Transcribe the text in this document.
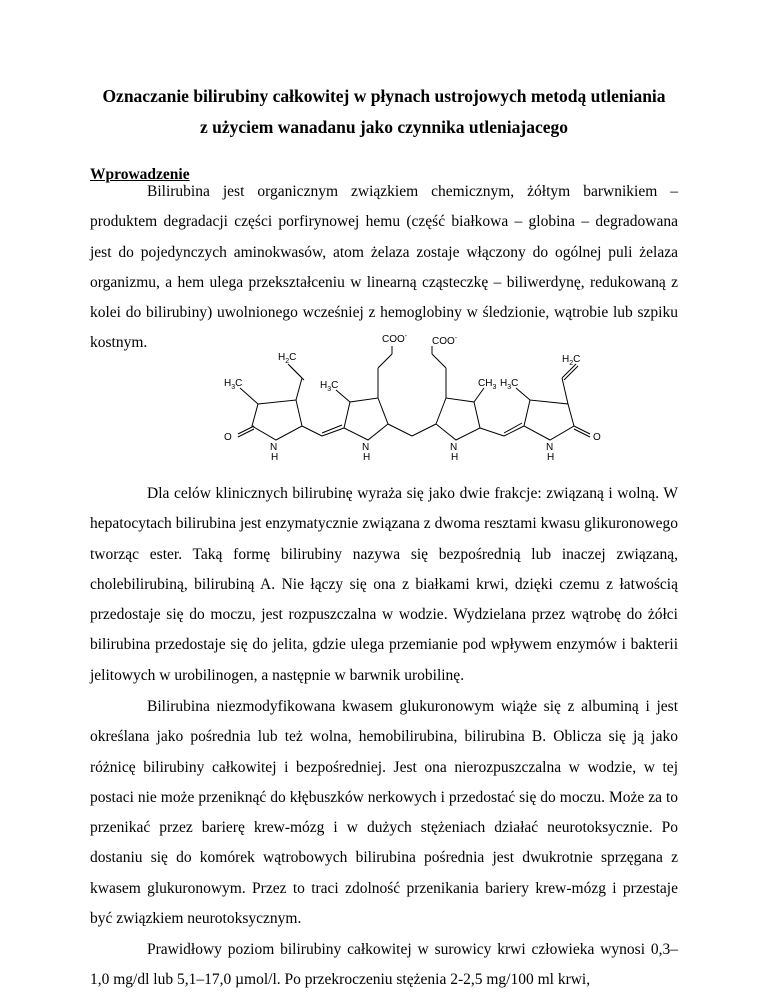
Oznaczanie bilirubiny całkowitej w płynach ustrojowych metodą utleniania
z użyciem wanadanu jako czynnika utleniajacego
Wprowadzenie

Bilirubina jest organicznym związkiem chemicznym, żółtym barwnikiem – produktem degradacji części porfirynowej hemu (część białkowa – globina – degradowana jest do pojedynczych aminokwasów, atom żelaza zostaje włączony do ogólnej puli żelaza organizmu, a hem ulega przekształceniu w linearną cząsteczkę – biliwerdynę, redukowaną z kolei do bilirubiny) uwolnionego wcześniej z hemoglobiny w śledzionie, wątrobie lub szpiku kostnym.

O
N
H
$H_3C$
$H_2C$
N
H
$H_3C$
COO-
N
H
COO-
$CH_3$
O
N
H
$H_3C$
$H_2C$

Dla celów klinicznych bilirubinę wyraża się jako dwie frakcje: związaną i wolną. W hepatocytach bilirubina jest enzymatycznie związana z dwoma resztami kwasu glikuronowego tworząc ester. Taką formę bilirubiny nazywa się bezpośrednią lub inaczej związaną, cholebilirubiną, bilirubiną A. Nie łączy się ona z białkami krwi, dzięki czemu z łatwością przedostaje się do moczu, jest rozpuszczalna w wodzie. Wydzielana przez wątrobę do żółci bilirubina przedostaje się do jelita, gdzie ulega przemianie pod wpływem enzymów i bakterii jelitowych w urobilinogen, a następnie w barwnik urobilinę.

Bilirubina niezmodyfikowana kwasem glukuronowym wiąże się z albuminą i jest określana jako pośrednia lub też wolna, hemobilirubina, bilirubina B. Oblicza się ją jako różnicę bilirubiny całkowitej i bezpośredniej. Jest ona nierozpuszczalna w wodzie, w tej postaci nie może przeniknąć do kłębuszków nerkowych i przedostać się do moczu. Może za to przenikać przez barierę krew-mózg i w dużych stężeniach działać neurotoksycznie. Po dostaniu się do komórek wątrobowych bilirubina pośrednia jest dwukrotnie sprzęgana z kwasem glukuronowym. Przez to traci zdolność przenikania bariery krew-mózg i przestaje być związkiem neurotoksycznym.

Prawidłowy poziom bilirubiny całkowitej w surowicy krwi człowieka wynosi 0,3–1,0 mg/dl lub 5,1–17,0 µmol/l. Po przekroczeniu stężenia 2-2,5 mg/100 ml krwi,
